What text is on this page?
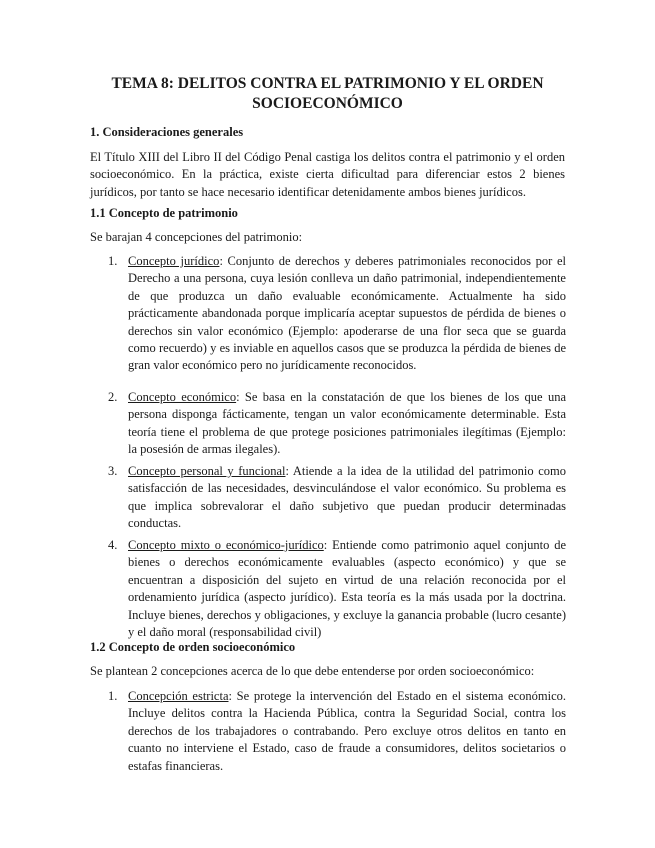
TEMA 8: DELITOS CONTRA EL PATRIMONIO Y EL ORDEN
SOCIOECONÓMICO
1. Consideraciones generales

El Título XIII del Libro II del Código Penal castiga los delitos contra el patrimonio y el orden socioeconómico. En la práctica, existe cierta dificultad para diferenciar estos 2 bienes jurídicos, por tanto se hace necesario identificar detenidamente ambos bienes jurídicos.

1.1 Concepto de patrimonio

Se barajan 4 concepciones del patrimonio:

1. Concepto jurídico: Conjunto de derechos y deberes patrimoniales reconocidos por el Derecho a una persona, cuya lesión conlleva un daño patrimonial, independientemente de que produzca un daño evaluable económicamente. Actualmente ha sido prácticamente abandonada porque implicaría aceptar supuestos de pérdida de bienes o derechos sin valor económico (Ejemplo: apoderarse de una flor seca que se guarda como recuerdo) y es inviable en aquellos casos que se produzca la pérdida de bienes de gran valor económico pero no jurídicamente reconocidos.
2. Concepto económico: Se basa en la constatación de que los bienes de los que una persona disponga fácticamente, tengan un valor económicamente determinable. Esta teoría tiene el problema de que protege posiciones patrimoniales ilegítimas (Ejemplo: la posesión de armas ilegales).
3. Concepto personal y funcional: Atiende a la idea de la utilidad del patrimonio como satisfacción de las necesidades, desvinculándose el valor económico. Su problema es que implica sobrevalorar el daño subjetivo que puedan producir determinadas conductas.
4. Concepto mixto o económico-jurídico: Entiende como patrimonio aquel conjunto de bienes o derechos económicamente evaluables (aspecto económico) y que se encuentran a disposición del sujeto en virtud de una relación reconocida por el ordenamiento jurídica (aspecto jurídico). Esta teoría es la más usada por la doctrina. Incluye bienes, derechos y obligaciones, y excluye la ganancia probable (lucro cesante) y el daño moral (responsabilidad civil)
1.2 Concepto de orden socioeconómico

Se plantean 2 concepciones acerca de lo que debe entenderse por orden socioeconómico:

1. Concepción estricta: Se protege la intervención del Estado en el sistema económico. Incluye delitos contra la Hacienda Pública, contra la Seguridad Social, contra los derechos de los trabajadores o contrabando. Pero excluye otros delitos en tanto en cuanto no interviene el Estado, caso de fraude a consumidores, delitos societarios o estafas financieras.
